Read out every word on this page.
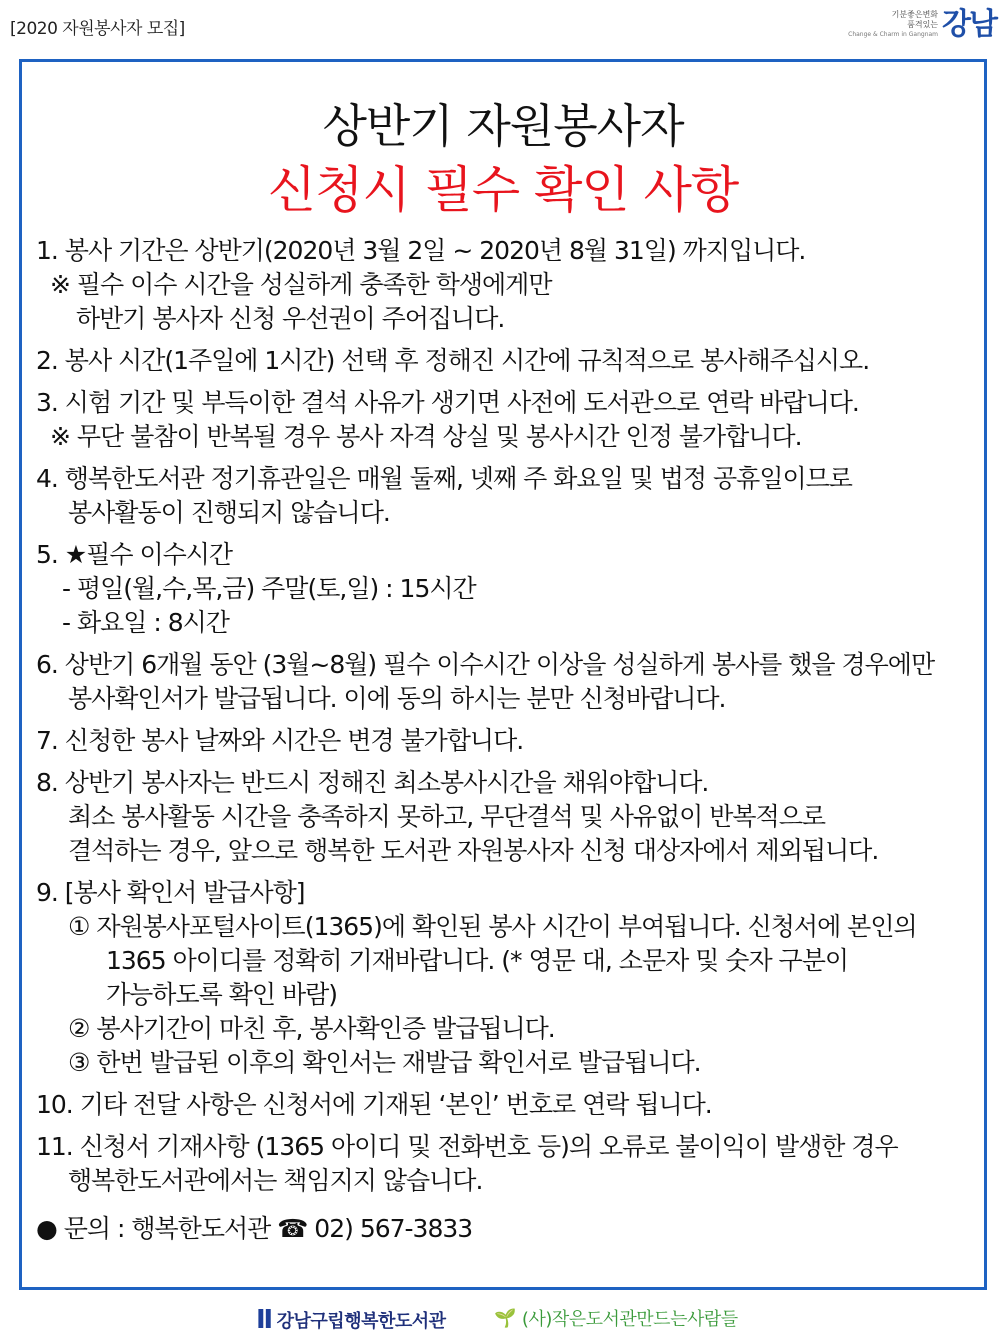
[2020 자원봉사자 모집]
기분좋은변화
품격있는
Change & Charm in Gangnam 강남
상반기 자원봉사자
신청시 필수 확인 사항
1. 봉사 기간은 상반기(2020년 3월 2일 ~ 2020년 8월 31일) 까지입니다.
※ 필수 이수 시간을 성실하게 충족한 학생에게만
하반기 봉사자 신청 우선권이 주어집니다.
2. 봉사 시간(1주일에 1시간) 선택 후 정해진 시간에 규칙적으로 봉사해주십시오.
3. 시험 기간 및 부득이한 결석 사유가 생기면 사전에 도서관으로 연락 바랍니다.
※ 무단 불참이 반복될 경우 봉사 자격 상실 및 봉사시간 인정 불가합니다.
4. 행복한도서관 정기휴관일은 매월 둘째, 넷째 주 화요일 및 법정 공휴일이므로
봉사활동이 진행되지 않습니다.
5. ★필수 이수시간
- 평일(월,수,목,금) 주말(토,일) : 15시간
- 화요일 : 8시간
6. 상반기 6개월 동안 (3월~8월) 필수 이수시간 이상을 성실하게 봉사를 했을 경우에만
봉사확인서가 발급됩니다. 이에 동의 하시는 분만 신청바랍니다.
7. 신청한 봉사 날짜와 시간은 변경 불가합니다.
8. 상반기 봉사자는 반드시 정해진 최소봉사시간을 채워야합니다.
최소 봉사활동 시간을 충족하지 못하고, 무단결석 및 사유없이 반복적으로
결석하는 경우, 앞으로 행복한 도서관 자원봉사자 신청 대상자에서 제외됩니다.
9. [봉사 확인서 발급사항]
① 자원봉사포털사이트(1365)에 확인된 봉사 시간이 부여됩니다. 신청서에 본인의
1365 아이디를 정확히 기재바랍니다. (* 영문 대, 소문자 및 숫자 구분이
가능하도록 확인 바람)
② 봉사기간이 마친 후, 봉사확인증 발급됩니다.
③ 한번 발급된 이후의 확인서는 재발급 확인서로 발급됩니다.
10. 기타 전달 사항은 신청서에 기재된 ‘본인’ 번호로 연락 됩니다.
11. 신청서 기재사항 (1365 아이디 및 전화번호 등)의 오류로 불이익이 발생한 경우
행복한도서관에서는 책임지지 않습니다.
● 문의 : 행복한도서관 ☎ 02) 567-3833
Ⅱ 강남구립행복한도서관	🌱 (사)작은도서관만드는사람들
